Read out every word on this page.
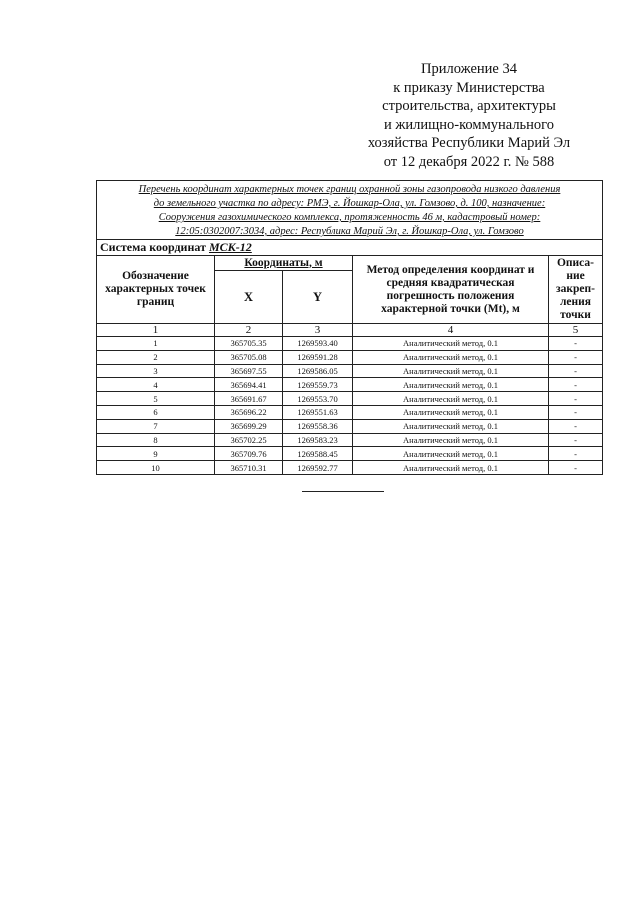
Приложение 34
к приказу Министерства
строительства, архитектуры
и жилищно-коммунального
хозяйства Республики Марий Эл
от 12 декабря 2022 г. № 588
Перечень координат характерных точек границ охранной зоны газопровода низкого давления
до земельного участка по адресу: РМЭ, г. Йошкар-Ола, ул. Гомзово, д. 100, назначение:
Сооружения газохимического комплекса, протяженность 46 м, кадастровый номер:
12:05:0302007:3034, адрес: Республика Марий Эл, г. Йошкар-Ола, ул. Гомзово				

Система координат МСК-12				
Обозначение характерных точек границ	Координаты, м		Метод определения координат и средняя квадратическая погрешность положения характерной точки (Mt), м	Описа-ние закреп-ления точки
	X	Y		
1	2	3	4	5
1	365705.35	1269593.40	Аналитический метод, 0.1	-
2	365705.08	1269591.28	Аналитический метод, 0.1	-
3	365697.55	1269586.05	Аналитический метод, 0.1	-
4	365694.41	1269559.73	Аналитический метод, 0.1	-
5	365691.67	1269553.70	Аналитический метод, 0.1	-
6	365696.22	1269551.63	Аналитический метод, 0.1	-
7	365699.29	1269558.36	Аналитический метод, 0.1	-
8	365702.25	1269583.23	Аналитический метод, 0.1	-
9	365709.76	1269588.45	Аналитический метод, 0.1	-
10	365710.31	1269592.77	Аналитический метод, 0.1	-
